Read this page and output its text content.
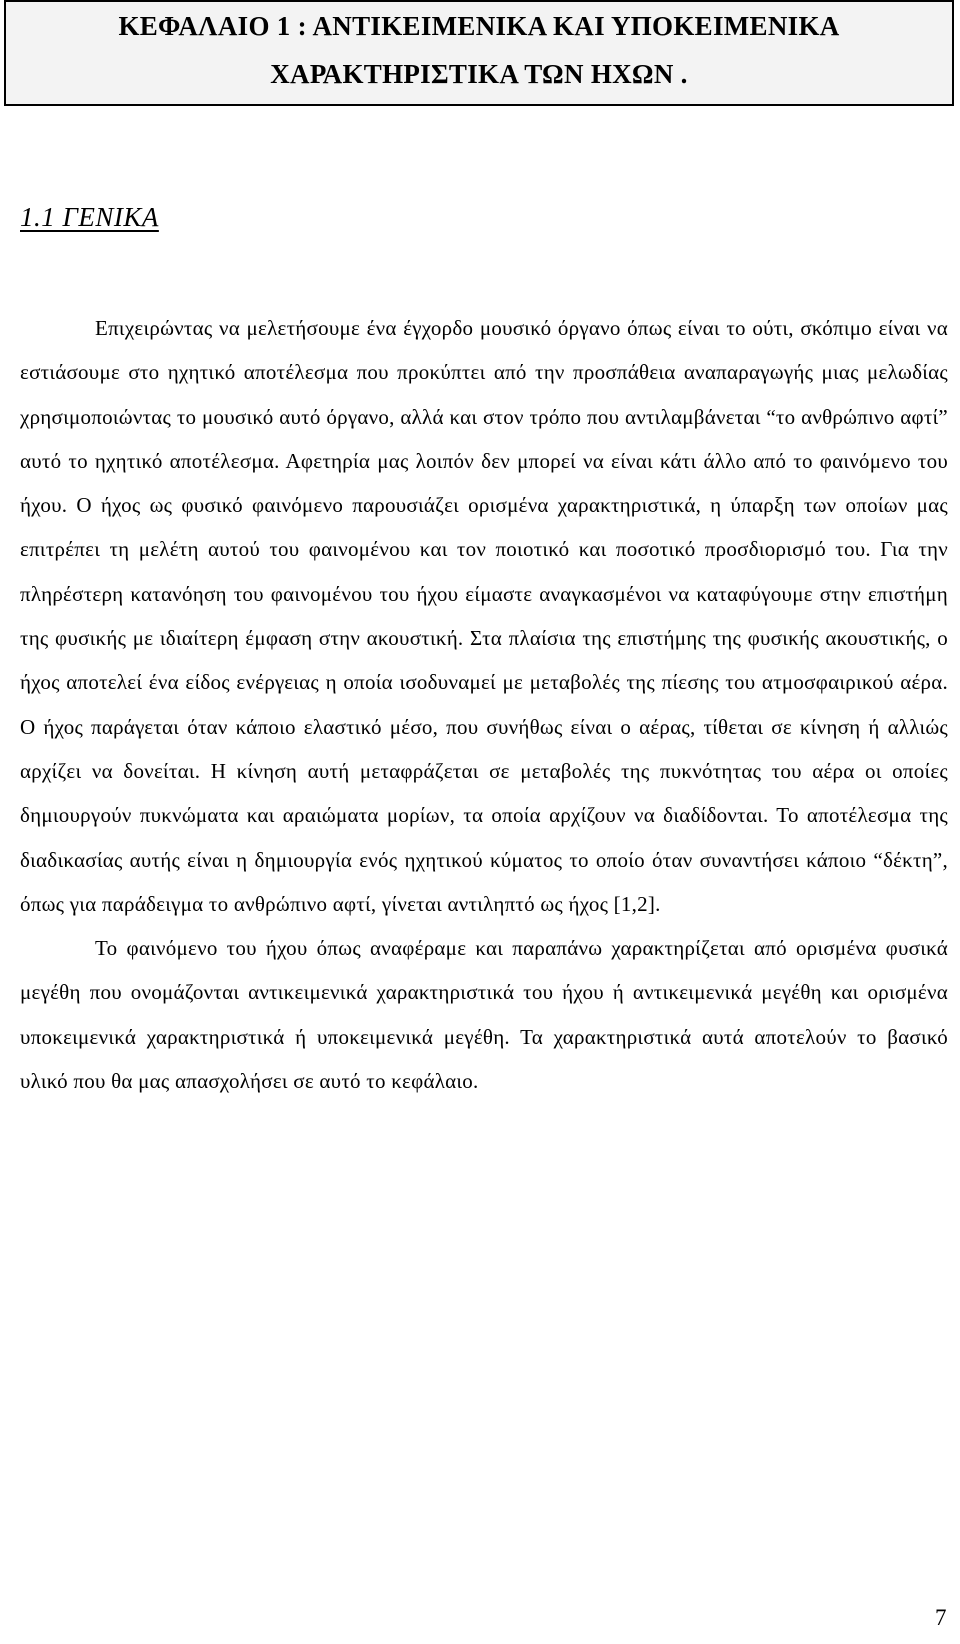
ΚΕΦΑΛΑΙΟ 1 : ΑΝΤΙΚΕΙΜΕΝΙΚΑ ΚΑΙ ΥΠΟΚΕΙΜΕΝΙΚΑ
ΧΑΡΑΚΤΗΡΙΣΤΙΚΑ ΤΩΝ ΗΧΩΝ .
1.1 ΓΕΝΙΚΑ

Επιχειρώντας να μελετήσουμε ένα έγχορδο μουσικό όργανο όπως είναι το ούτι, σκόπιμο είναι να εστιάσουμε στο ηχητικό αποτέλεσμα που προκύπτει από την προσπάθεια αναπαραγωγής μιας μελωδίας χρησιμοποιώντας το μουσικό αυτό όργανο, αλλά και στον τρόπο που αντιλαμβάνεται “το ανθρώπινο αφτί” αυτό το ηχητικό αποτέλεσμα. Αφετηρία μας λοιπόν δεν μπορεί να είναι κάτι άλλο από το φαινόμενο του ήχου. Ο ήχος ως φυσικό φαινόμενο παρουσιάζει ορισμένα χαρακτηριστικά, η ύπαρξη των οποίων μας επιτρέπει τη μελέτη αυτού του φαινομένου και τον ποιοτικό και ποσοτικό προσδιορισμό του. Για την πληρέστερη κατανόηση του φαινομένου του ήχου είμαστε αναγκασμένοι να καταφύγουμε στην επιστήμη της φυσικής με ιδιαίτερη έμφαση στην ακουστική. Στα πλαίσια της επιστήμης της φυσικής ακουστικής, ο ήχος αποτελεί ένα είδος ενέργειας η οποία ισοδυναμεί με μεταβολές της πίεσης του ατμοσφαιρικού αέρα. Ο ήχος παράγεται όταν κάποιο ελαστικό μέσο, που συνήθως είναι ο αέρας, τίθεται σε κίνηση ή αλλιώς αρχίζει να δονείται. Η κίνηση αυτή μεταφράζεται σε μεταβολές της πυκνότητας του αέρα οι οποίες δημιουργούν πυκνώματα και αραιώματα μορίων, τα οποία αρχίζουν να διαδίδονται. Το αποτέλεσμα της διαδικασίας αυτής είναι η δημιουργία ενός ηχητικού κύματος το οποίο όταν συναντήσει κάποιο “δέκτη”, όπως για παράδειγμα το ανθρώπινο αφτί, γίνεται αντιληπτό ως ήχος [1,2].

Το φαινόμενο του ήχου όπως αναφέραμε και παραπάνω χαρακτηρίζεται από ορισμένα φυσικά μεγέθη που ονομάζονται αντικειμενικά χαρακτηριστικά του ήχου ή αντικειμενικά μεγέθη και ορισμένα υποκειμενικά χαρακτηριστικά ή υποκειμενικά μεγέθη. Τα χαρακτηριστικά αυτά αποτελούν το βασικό υλικό που θα μας απασχολήσει σε αυτό το κεφάλαιο.

7
